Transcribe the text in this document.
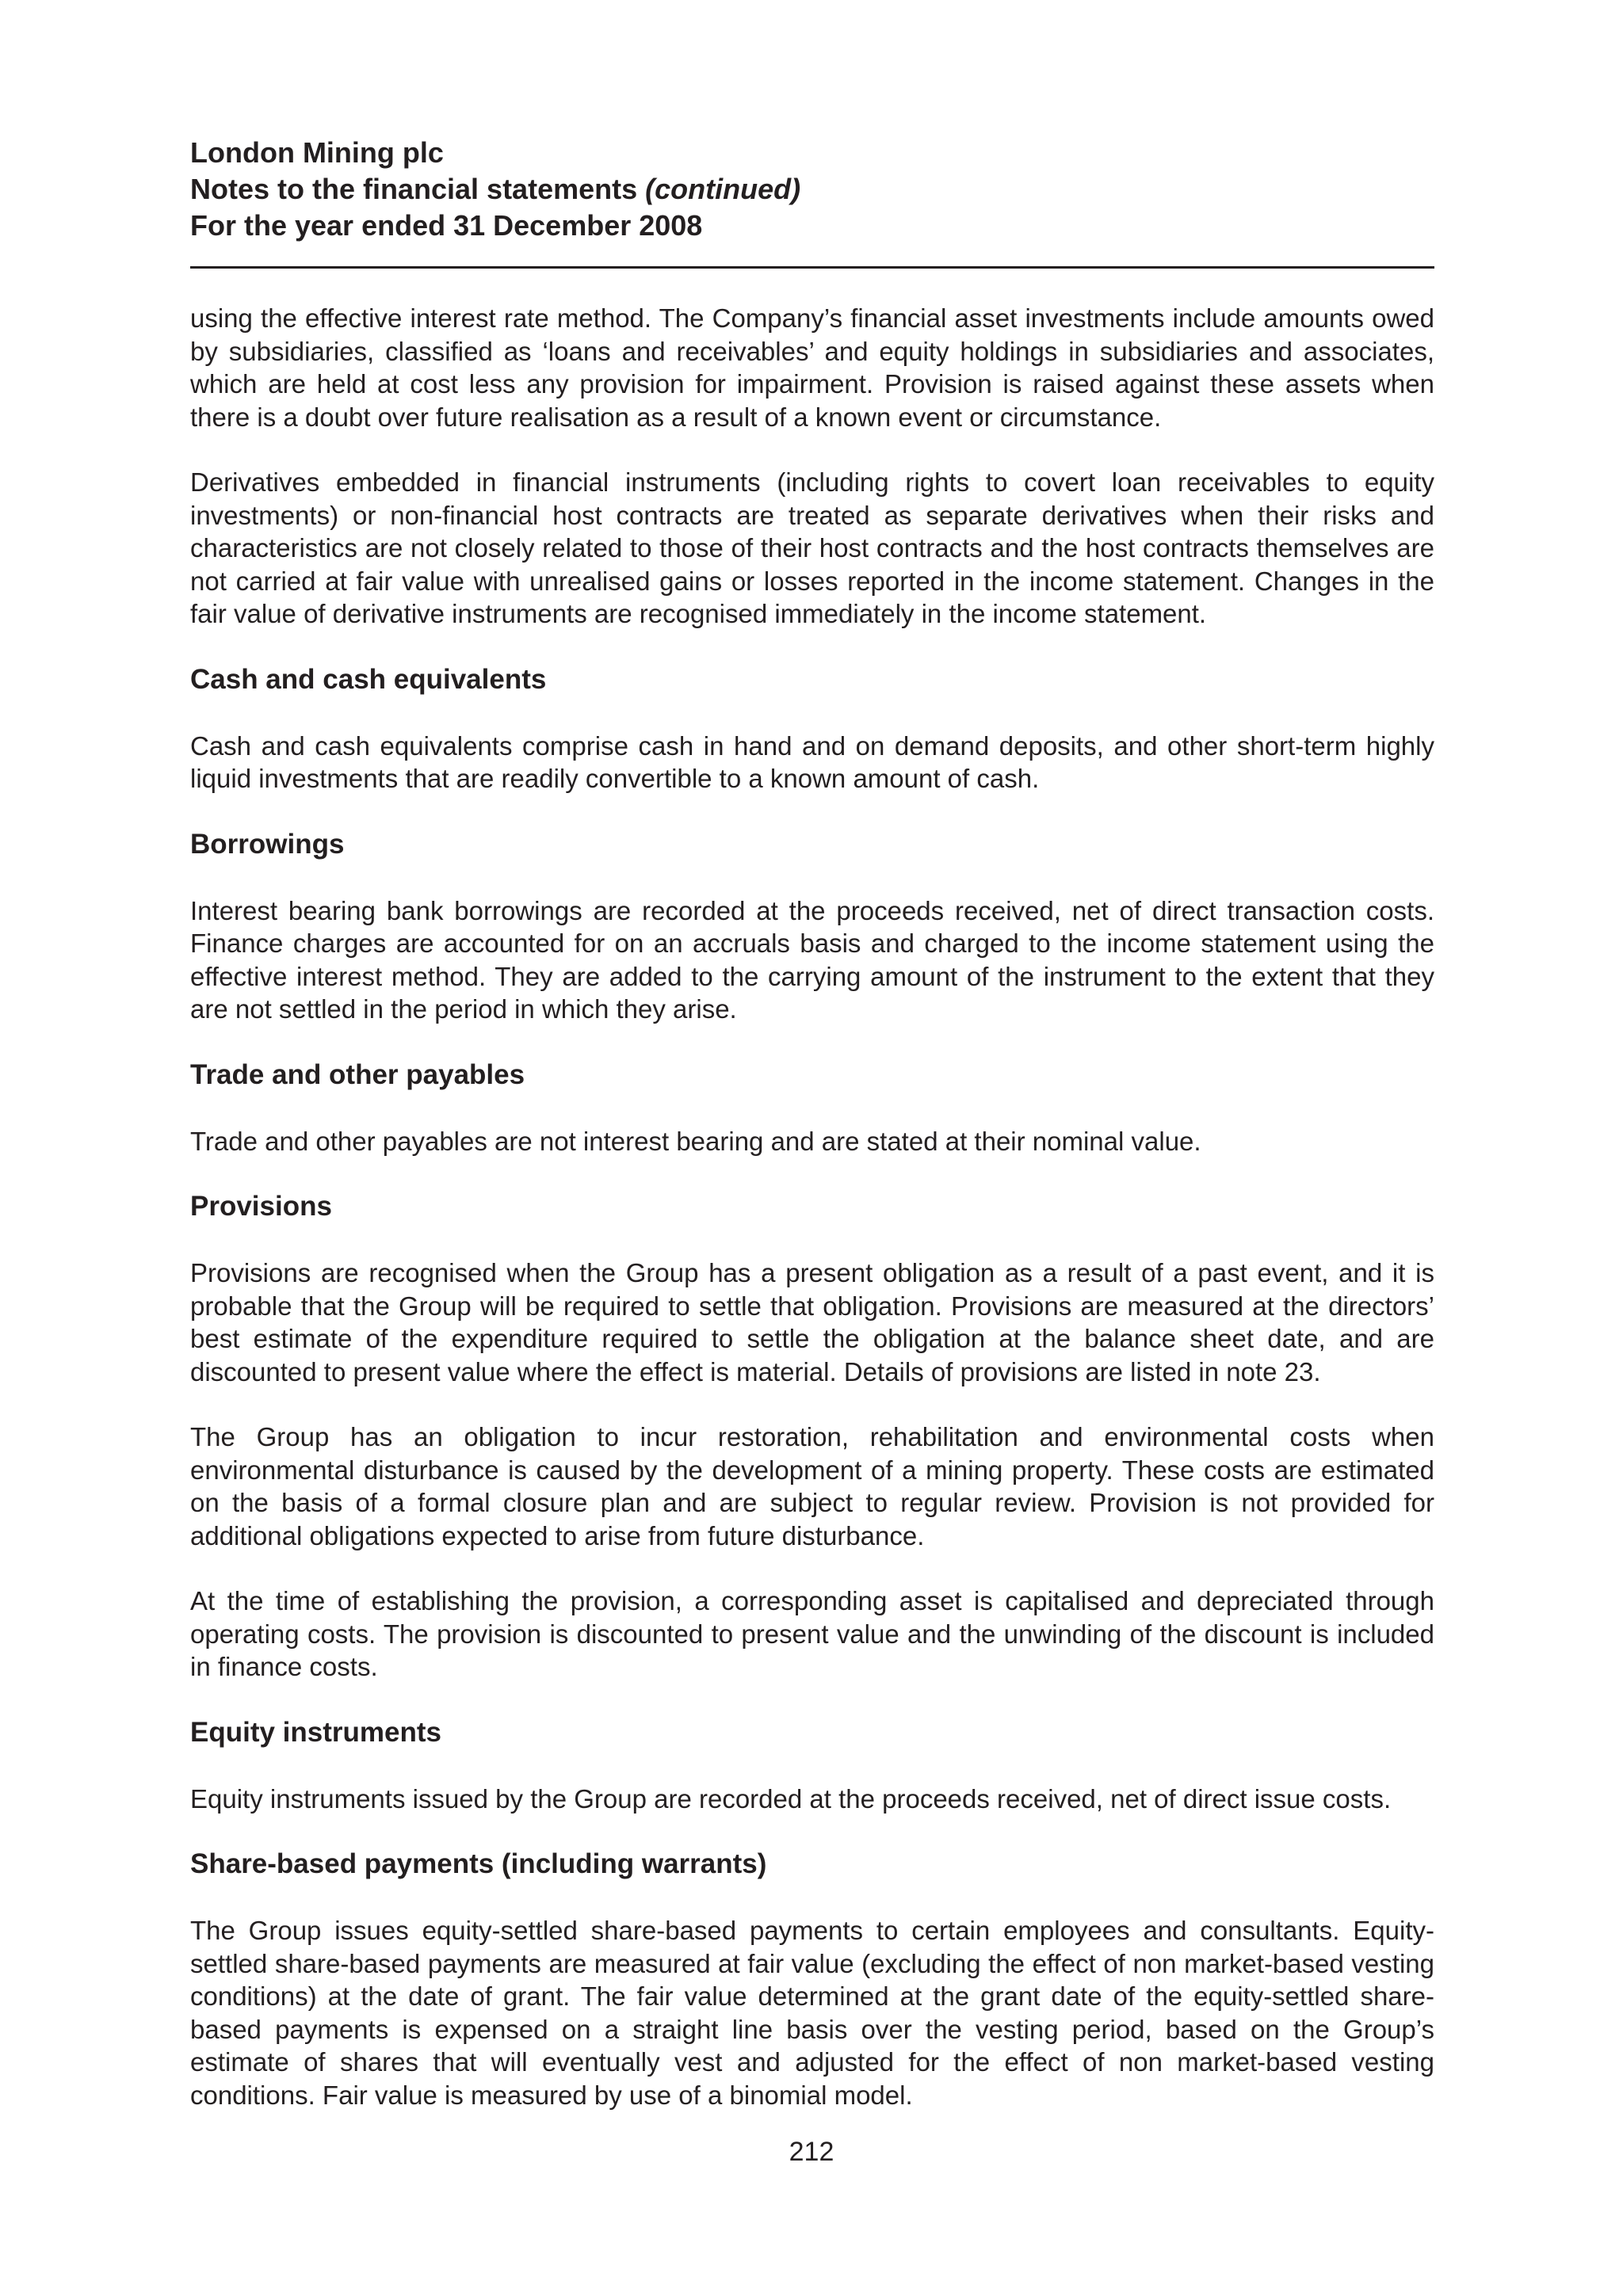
London Mining plc

Notes to the financial statements (continued)

For the year ended 31 December 2008

using the effective interest rate method. The Company’s financial asset investments include amounts owed by subsidiaries, classified as ‘loans and receivables’ and equity holdings in subsidiaries and associates, which are held at cost less any provision for impairment. Provision is raised against these assets when there is a doubt over future realisation as a result of a known event or circumstance.

Derivatives embedded in financial instruments (including rights to covert loan receivables to equity investments) or non-financial host contracts are treated as separate derivatives when their risks and characteristics are not closely related to those of their host contracts and the host contracts themselves are not carried at fair value with unrealised gains or losses reported in the income statement. Changes in the fair value of derivative instruments are recognised immediately in the income statement.

Cash and cash equivalents

Cash and cash equivalents comprise cash in hand and on demand deposits, and other short-term highly liquid investments that are readily convertible to a known amount of cash.

Borrowings

Interest bearing bank borrowings are recorded at the proceeds received, net of direct transaction costs. Finance charges are accounted for on an accruals basis and charged to the income statement using the effective interest method. They are added to the carrying amount of the instrument to the extent that they are not settled in the period in which they arise.

Trade and other payables

Trade and other payables are not interest bearing and are stated at their nominal value.

Provisions

Provisions are recognised when the Group has a present obligation as a result of a past event, and it is probable that the Group will be required to settle that obligation. Provisions are measured at the directors’ best estimate of the expenditure required to settle the obligation at the balance sheet date, and are discounted to present value where the effect is material. Details of provisions are listed in note 23.

The Group has an obligation to incur restoration, rehabilitation and environmental costs when environmental disturbance is caused by the development of a mining property. These costs are estimated on the basis of a formal closure plan and are subject to regular review. Provision is not provided for additional obligations expected to arise from future disturbance.

At the time of establishing the provision, a corresponding asset is capitalised and depreciated through operating costs. The provision is discounted to present value and the unwinding of the discount is included in finance costs.

Equity instruments

Equity instruments issued by the Group are recorded at the proceeds received, net of direct issue costs.

Share-based payments (including warrants)

The Group issues equity-settled share-based payments to certain employees and consultants. Equity-settled share-based payments are measured at fair value (excluding the effect of non market-based vesting conditions) at the date of grant. The fair value determined at the grant date of the equity-settled share-based payments is expensed on a straight line basis over the vesting period, based on the Group’s estimate of shares that will eventually vest and adjusted for the effect of non market-based vesting conditions. Fair value is measured by use of a binomial model.

212
